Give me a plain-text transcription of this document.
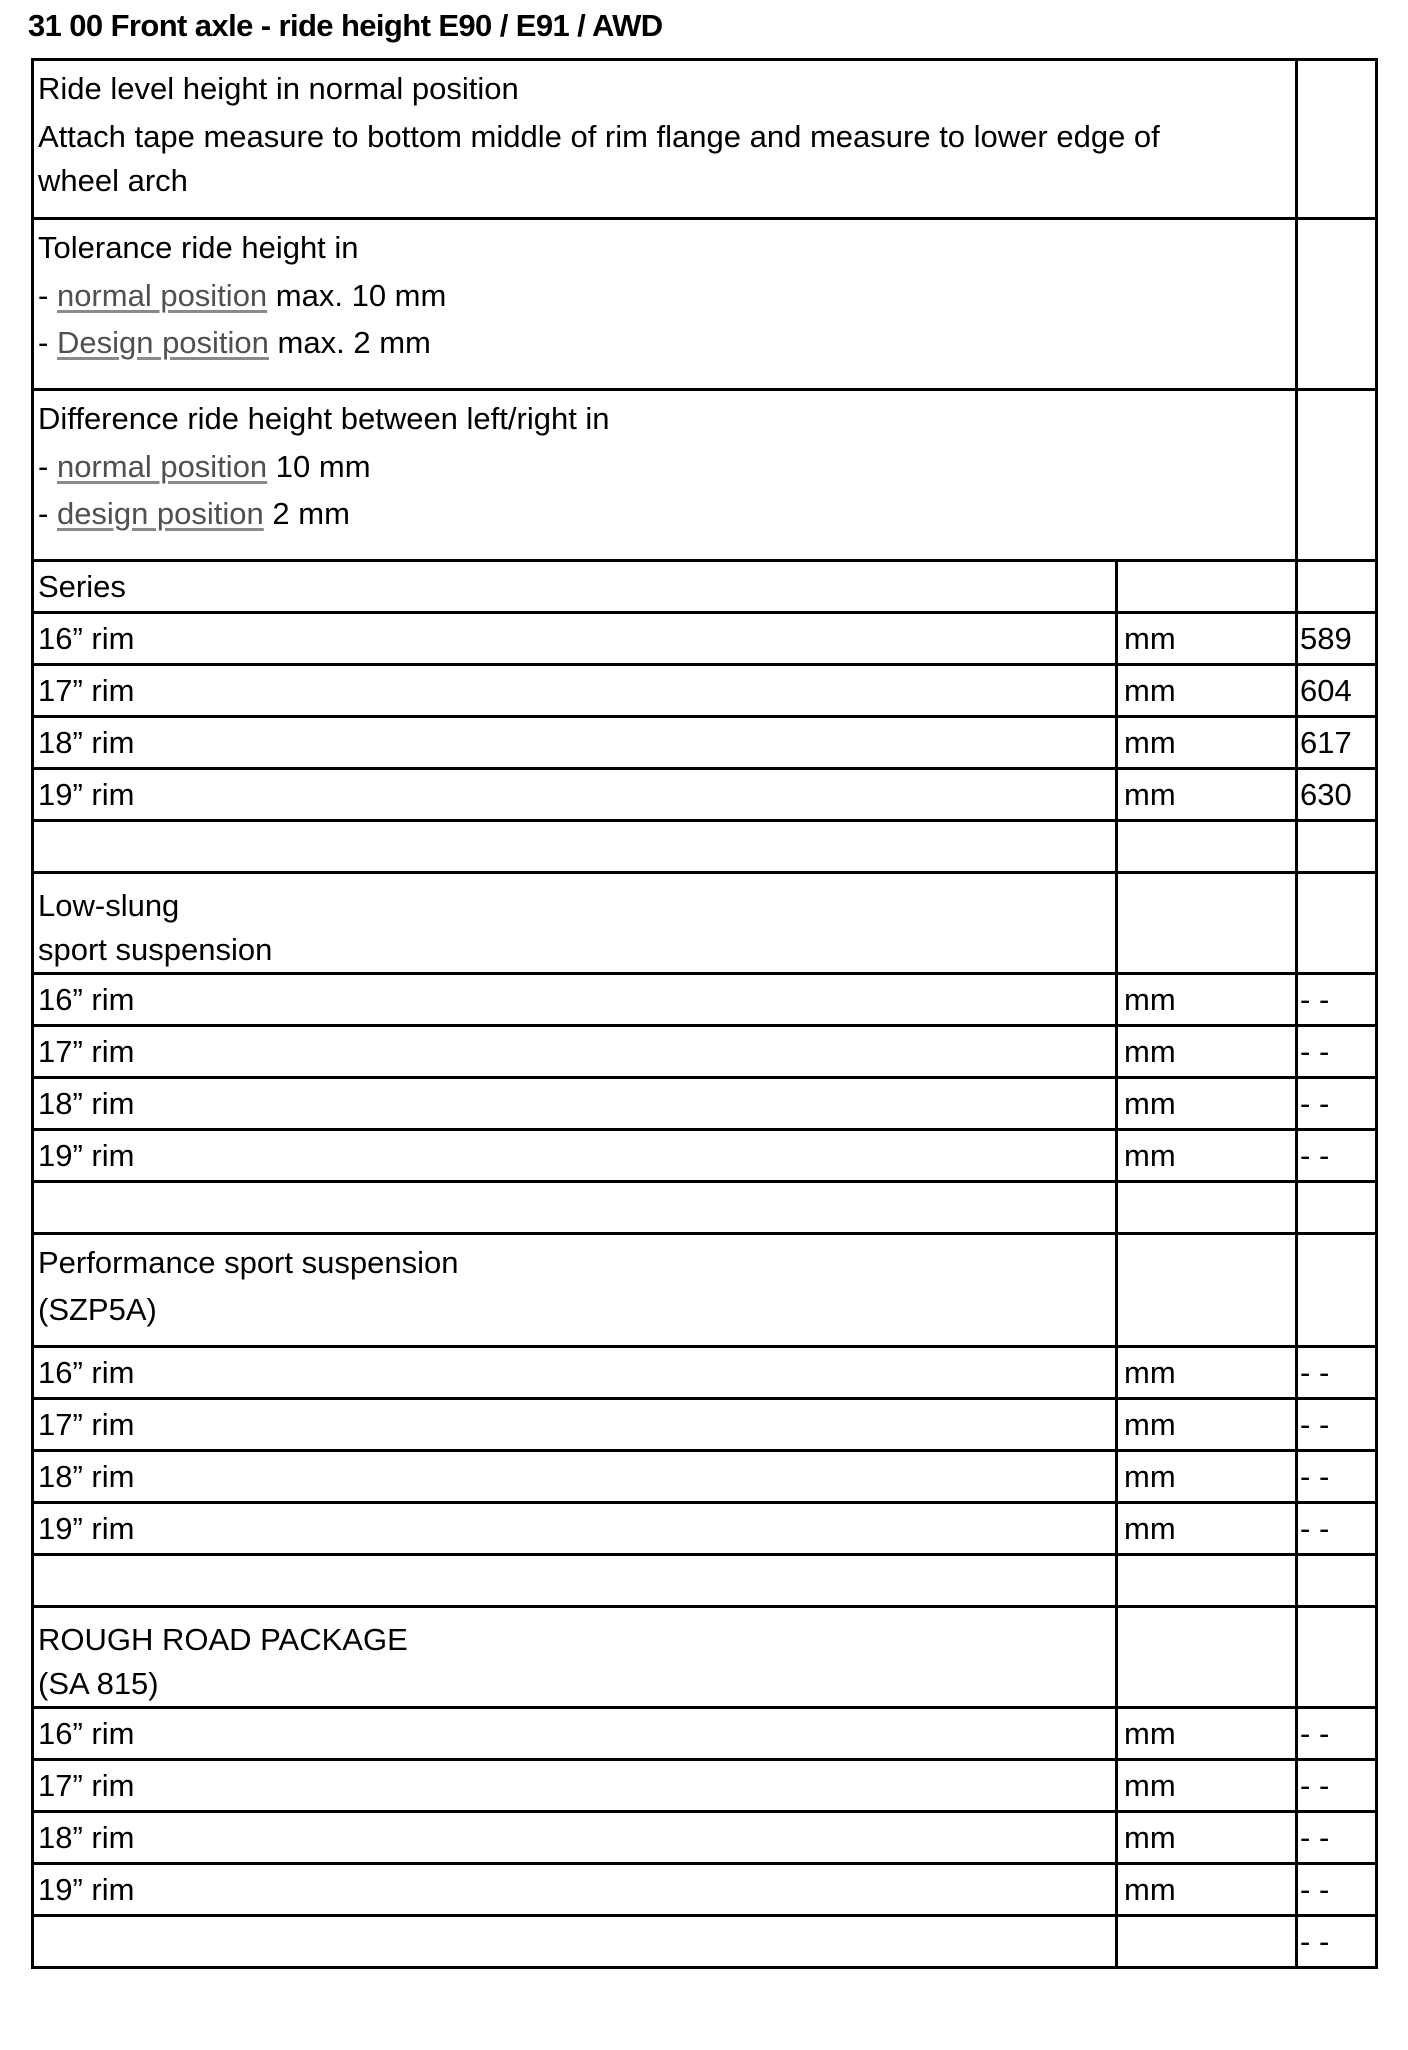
31 00 Front axle - ride height E90 / E91 / AWD
Ride level height in normal position
Attach tape measure to bottom middle of rim flange and measure to lower edge of
wheel arch		

Tolerance ride height in
- normal position max. 10 mm
- Design position max. 2 mm		

Difference ride height between left/right in
- normal position 10 mm
- design position 2 mm		

Series		
16” rim	mm	589
17” rim	mm	604
18” rim	mm	617
19” rim	mm	630

Low-slung
sport suspension		

16” rim	mm	- -
17” rim	mm	- -
18” rim	mm	- -
19” rim	mm	- -

Performance sport suspension
(SZP5A)		

16” rim	mm	- -
17” rim	mm	- -
18” rim	mm	- -
19” rim	mm	- -

ROUGH ROAD PACKAGE
(SA 815)		

16” rim	mm	- -
17” rim	mm	- -
18” rim	mm	- -
19” rim	mm	- -
		- -
